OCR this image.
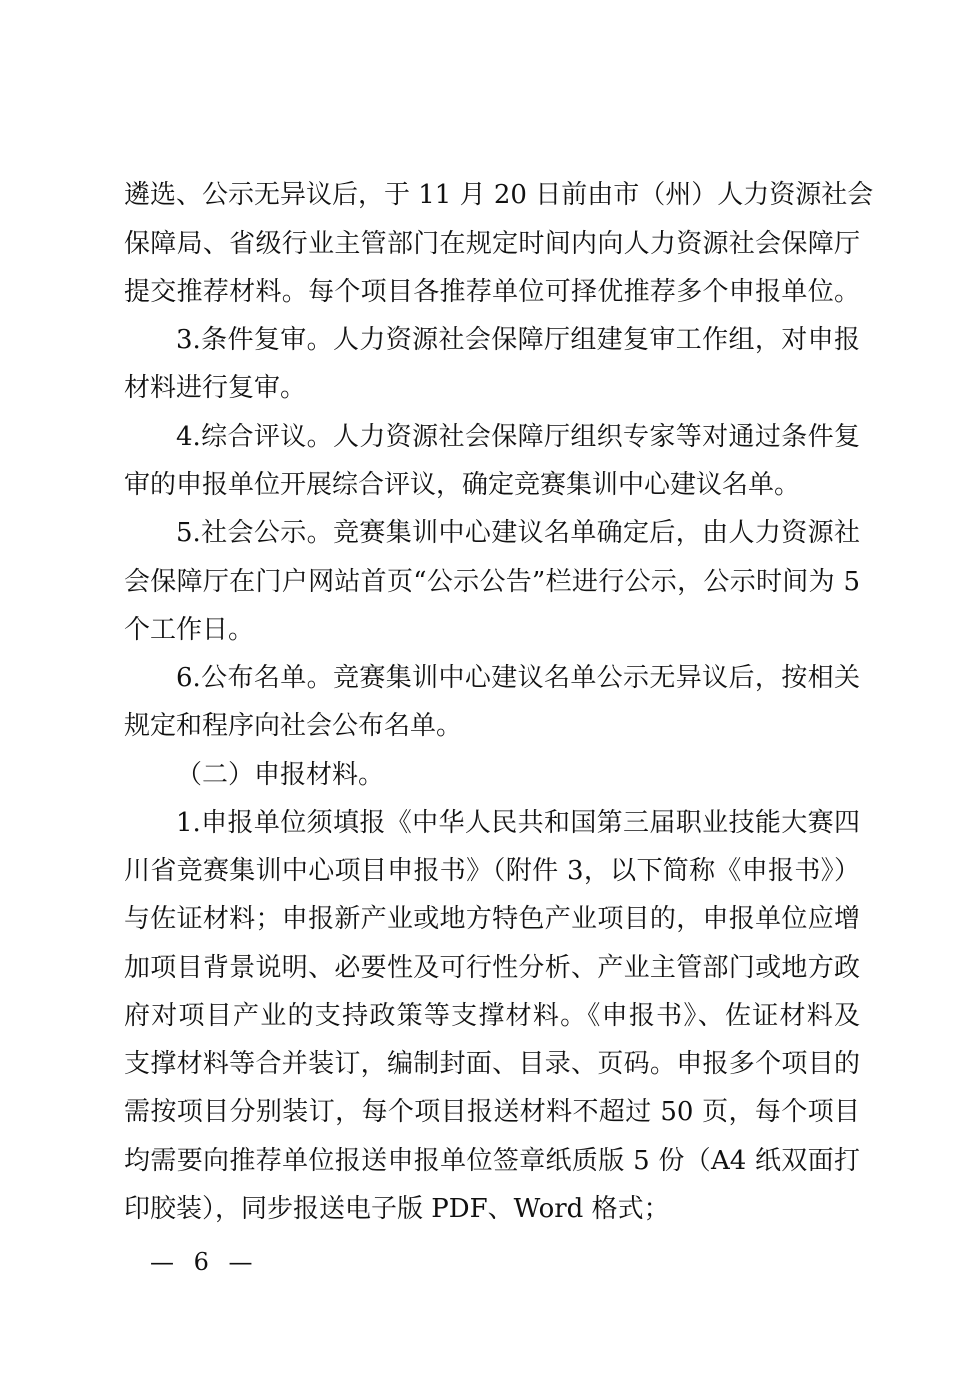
遴选、公示无异议后，于 11 月 20 日前由市（州）人力资源社会
保障局、省级行业主管部门在规定时间内向人力资源社会保障厅
提交推荐材料。每个项目各推荐单位可择优推荐多个申报单位。
3.条件复审。人力资源社会保障厅组建复审工作组，对申报
材料进行复审。
4.综合评议。人力资源社会保障厅组织专家等对通过条件复
审的申报单位开展综合评议，确定竞赛集训中心建议名单。
5.社会公示。竞赛集训中心建议名单确定后，由人力资源社
会保障厅在门户网站首页“公示公告”栏进行公示，公示时间为 5
个工作日。
6.公布名单。竞赛集训中心建议名单公示无异议后，按相关
规定和程序向社会公布名单。
（二）申报材料。
1.申报单位须填报《中华人民共和国第三届职业技能大赛四
川省竞赛集训中心项目申报书》（附件 3，以下简称《申报书》）
与佐证材料；申报新产业或地方特色产业项目的，申报单位应增
加项目背景说明、必要性及可行性分析、产业主管部门或地方政
府对项目产业的支持政策等支撑材料。《申报书》、佐证材料及
支撑材料等合并装订，编制封面、目录、页码。申报多个项目的
需按项目分别装订，每个项目报送材料不超过 50 页，每个项目
均需要向推荐单位报送申报单位签章纸质版 5 份（A4 纸双面打
印胶装），同步报送电子版 PDF、Word 格式；
— 6 —
